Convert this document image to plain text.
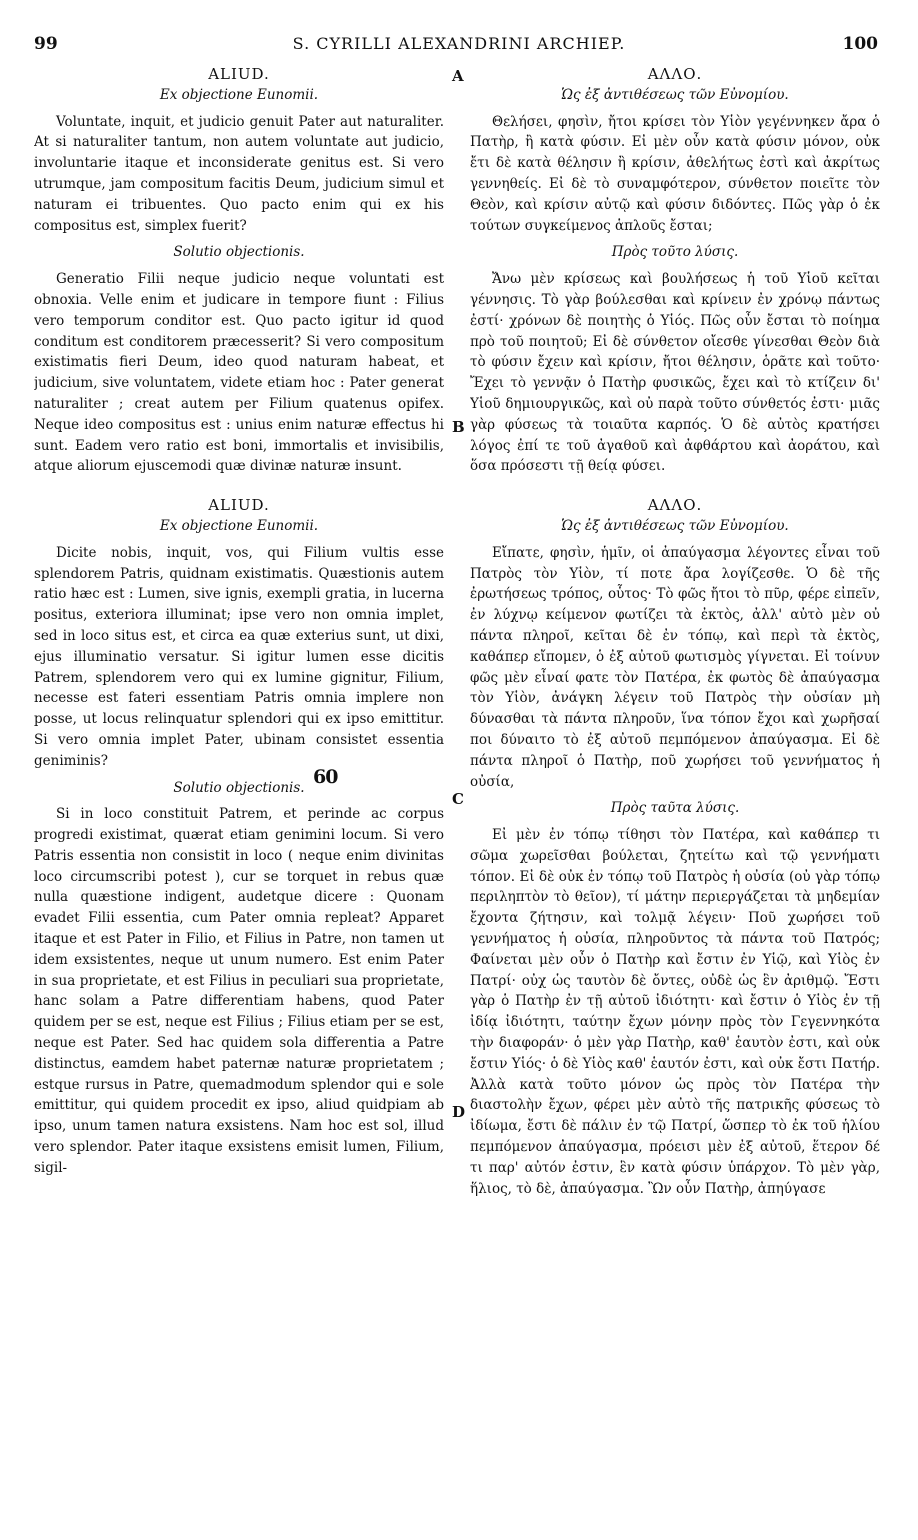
99	S. CYRILLI ALEXANDRINI ARCHIEP.	100
A
B
C
D
60
ALIUD.
Ex objectione Eunomii.

Voluntate, inquit, et judicio genuit Pater aut naturaliter. At si naturaliter tantum, non autem voluntate aut judicio, involuntarie itaque et inconsiderate genitus est. Si vero utrumque, jam compositum facitis Deum, judicium simul et naturam ei tribuentes. Quo pacto enim qui ex his compositus est, simplex fuerit?

Solutio objectionis.

Generatio Filii neque judicio neque voluntati est obnoxia. Velle enim et judicare in tempore fiunt : Filius vero temporum conditor est. Quo pacto igitur id quod conditum est conditorem præcesserit? Si vero compositum existimatis fieri Deum, ideo quod naturam habeat, et judicium, sive voluntatem, videte etiam hoc : Pater generat naturaliter ; creat autem per Filium quatenus opifex. Neque ideo compositus est : unius enim naturæ effectus hi sunt. Eadem vero ratio est boni, immortalis et invisibilis, atque aliorum ejuscemodi quæ divinæ naturæ insunt.

ALIUD.
Ex objectione Eunomii.

Dicite nobis, inquit, vos, qui Filium vultis esse splendorem Patris, quidnam existimatis. Quæstionis autem ratio hæc est : Lumen, sive ignis, exempli gratia, in lucerna positus, exteriora illuminat; ipse vero non omnia implet, sed in loco situs est, et circa ea quæ exterius sunt, ut dixi, ejus illuminatio versatur. Si igitur lumen esse dicitis Patrem, splendorem vero qui ex lumine gignitur, Filium, necesse est fateri essentiam Patris omnia implere non posse, ut locus relinquatur splendori qui ex ipso emittitur. Si vero omnia implet Pater, ubinam consistet essentia geniminis?

Solutio objectionis.

Si in loco constituit Patrem, et perinde ac corpus progredi existimat, quærat etiam genimini locum. Si vero Patris essentia non consistit in loco ( neque enim divinitas loco circumscribi potest ), cur se torquet in rebus quæ nulla quæstione indigent, audetque dicere : Quonam evadet Filii essentia, cum Pater omnia repleat? Apparet itaque et est Pater in Filio, et Filius in Patre, non tamen ut idem exsistentes, neque ut unum numero. Est enim Pater in sua proprietate, et est Filius in peculiari sua proprietate, hanc solam a Patre differentiam habens, quod Pater quidem per se est, neque est Filius ; Filius etiam per se est, neque est Pater. Sed hac quidem sola differentia a Patre distinctus, eamdem habet paternæ naturæ proprietatem ; estque rursus in Patre, quemadmodum splendor qui e sole emittitur, qui quidem procedit ex ipso, aliud quidpiam ab ipso, unum tamen natura exsistens. Nam hoc est sol, illud vero splendor. Pater itaque exsistens emisit lumen, Filium, sigil-

ΑΛΛΟ.
Ὡς ἐξ ἀντιθέσεως τῶν Εὐνομίου.

Θελήσει, φησὶν, ἤτοι κρίσει τὸν Υἱὸν γεγέννηκεν ἄρα ὁ Πατὴρ, ἢ κατὰ φύσιν. Εἰ μὲν οὖν κατὰ φύσιν μόνον, οὐκ ἔτι δὲ κατὰ θέλησιν ἢ κρίσιν, ἀθελήτως ἐστὶ καὶ ἀκρίτως γεννηθείς. Εἰ δὲ τὸ συναμφότερον, σύνθετον ποιεῖτε τὸν Θεὸν, καὶ κρίσιν αὐτῷ καὶ φύσιν διδόντες. Πῶς γὰρ ὁ ἐκ τούτων συγκείμενος ἁπλοῦς ἔσται;

Πρὸς τοῦτο λύσις.

Ἄνω μὲν κρίσεως καὶ βουλήσεως ἡ τοῦ Υἱοῦ κεῖται γέννησις. Τὸ γὰρ βούλεσθαι καὶ κρίνειν ἐν χρόνῳ πάντως ἐστί· χρόνων δὲ ποιητὴς ὁ Υἱός. Πῶς οὖν ἔσται τὸ ποίημα πρὸ τοῦ ποιητοῦ; Εἰ δὲ σύνθετον οἴεσθε γίνεσθαι Θεὸν διὰ τὸ φύσιν ἔχειν καὶ κρίσιν, ἤτοι θέλησιν, ὁρᾶτε καὶ τοῦτο· Ἔχει τὸ γεννᾷν ὁ Πατὴρ φυσικῶς, ἔχει καὶ τὸ κτίζειν δι' Υἱοῦ δημιουργικῶς, καὶ οὐ παρὰ τοῦτο σύνθετός ἐστι· μιᾶς γὰρ φύσεως τὰ τοιαῦτα καρπός. Ὁ δὲ αὐτὸς κρατήσει λόγος ἐπί τε τοῦ ἀγαθοῦ καὶ ἀφθάρτου καὶ ἀοράτου, καὶ ὅσα πρόσεστι τῇ θείᾳ φύσει.

ΑΛΛΟ.
Ὡς ἐξ ἀντιθέσεως τῶν Εὐνομίου.

Εἴπατε, φησὶν, ἡμῖν, οἱ ἀπαύγασμα λέγοντες εἶναι τοῦ Πατρὸς τὸν Υἱὸν, τί ποτε ἄρα λογίζεσθε. Ὁ δὲ τῆς ἐρωτήσεως τρόπος, οὗτος· Τὸ φῶς ἤτοι τὸ πῦρ, φέρε εἰπεῖν, ἐν λύχνῳ κείμενον φωτίζει τὰ ἐκτὸς, ἀλλ' αὐτὸ μὲν οὐ πάντα πληροῖ, κεῖται δὲ ἐν τόπῳ, καὶ περὶ τὰ ἐκτὸς, καθάπερ εἴπομεν, ὁ ἐξ αὐτοῦ φωτισμὸς γίγνεται. Εἰ τοίνυν φῶς μὲν εἶναί φατε τὸν Πατέρα, ἐκ φωτὸς δὲ ἀπαύγασμα τὸν Υἱὸν, ἀνάγκη λέγειν τοῦ Πατρὸς τὴν οὐσίαν μὴ δύνασθαι τὰ πάντα πληροῦν, ἵνα τόπον ἔχοι καὶ χωρῆσαί ποι δύναιτο τὸ ἐξ αὐτοῦ πεμπόμενον ἀπαύγασμα. Εἰ δὲ πάντα πληροῖ ὁ Πατὴρ, ποῦ χωρήσει τοῦ γεννήματος ἡ οὐσία,

Πρὸς ταῦτα λύσις.

Εἰ μὲν ἐν τόπῳ τίθησι τὸν Πατέρα, καὶ καθάπερ τι σῶμα χωρεῖσθαι βούλεται, ζητείτω καὶ τῷ γεννήματι τόπον. Εἰ δὲ οὐκ ἐν τόπῳ τοῦ Πατρὸς ἡ οὐσία (οὐ γὰρ τόπῳ περιληπτὸν τὸ θεῖον), τί μάτην περιεργάζεται τὰ μηδεμίαν ἔχοντα ζήτησιν, καὶ τολμᾷ λέγειν· Ποῦ χωρήσει τοῦ γεννήματος ἡ οὐσία, πληροῦντος τὰ πάντα τοῦ Πατρός; Φαίνεται μὲν οὖν ὁ Πατὴρ καὶ ἔστιν ἐν Υἱῷ, καὶ Υἱὸς ἐν Πατρί· οὐχ ὡς ταυτὸν δὲ ὄντες, οὐδὲ ὡς ἓν ἀριθμῷ. Ἔστι γὰρ ὁ Πατὴρ ἐν τῇ αὐτοῦ ἰδιότητι· καὶ ἔστιν ὁ Υἱὸς ἐν τῇ ἰδίᾳ ἰδιότητι, ταύτην ἔχων μόνην πρὸς τὸν Γεγεννηκότα τὴν διαφοράν· ὁ μὲν γὰρ Πατὴρ, καθ' ἑαυτὸν ἐστι, καὶ οὐκ ἔστιν Υἱός· ὁ δὲ Υἱὸς καθ' ἑαυτόν ἐστι, καὶ οὐκ ἔστι Πατήρ. Ἀλλὰ κατὰ τοῦτο μόνον ὡς πρὸς τὸν Πατέρα τὴν διαστολὴν ἔχων, φέρει μὲν αὐτὸ τῆς πατρικῆς φύσεως τὸ ἰδίωμα, ἔστι δὲ πάλιν ἐν τῷ Πατρί, ὥσπερ τὸ ἐκ τοῦ ἡλίου πεμπόμενον ἀπαύγασμα, πρόεισι μὲν ἐξ αὐτοῦ, ἕτερον δέ τι παρ' αὐτόν ἐστιν, ἓν κατὰ φύσιν ὑπάρχον. Τὸ μὲν γὰρ, ἥλιος, τὸ δὲ, ἀπαύγασμα. Ὢν οὖν Πατὴρ, ἀπηύγασε
